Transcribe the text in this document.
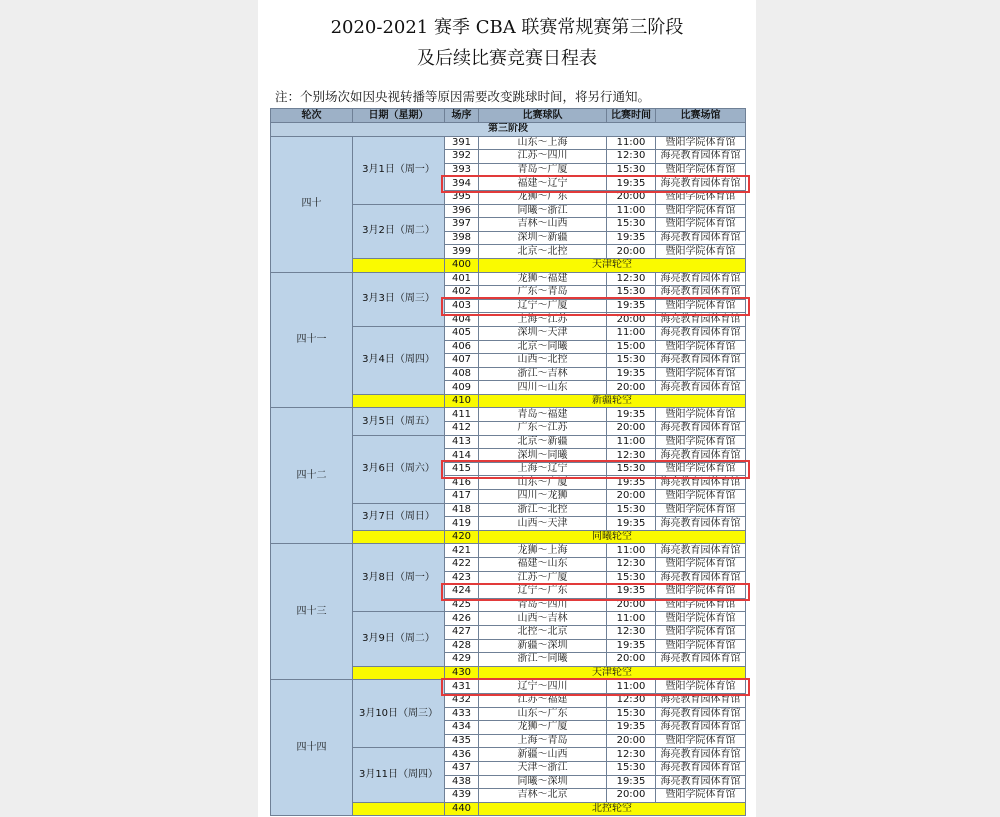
2020-2021 赛季 CBA 联赛常规赛第三阶段
及后续比赛竞赛日程表
注：个别场次如因央视转播等原因需要改变跳球时间，将另行通知。
轮次	日期（星期）	场序	比赛球队	比赛时间	比赛场馆
第三阶段					
四十	3月1日（周一）	391	山东～上海	11:00	暨阳学院体育馆
		392	江苏～四川	12:30	海亮教育园体育馆
		393	青岛～广厦	15:30	暨阳学院体育馆
		394	福建～辽宁	19:35	海亮教育园体育馆
		395	龙狮～广东	20:00	暨阳学院体育馆
	3月2日（周二）	396	同曦～浙江	11:00	暨阳学院体育馆
		397	吉林～山西	15:30	暨阳学院体育馆
		398	深圳～新疆	19:35	海亮教育园体育馆
		399	北京～北控	20:00	暨阳学院体育馆
		400	天津轮空		
四十一	3月3日（周三）	401	龙狮～福建	12:30	海亮教育园体育馆
		402	广东～青岛	15:30	海亮教育园体育馆
		403	辽宁～广厦	19:35	暨阳学院体育馆
		404	上海～江苏	20:00	海亮教育园体育馆
	3月4日（周四）	405	深圳～天津	11:00	海亮教育园体育馆
		406	北京～同曦	15:00	暨阳学院体育馆
		407	山西～北控	15:30	海亮教育园体育馆
		408	浙江～吉林	19:35	暨阳学院体育馆
		409	四川～山东	20:00	海亮教育园体育馆
		410	新疆轮空		
四十二	3月5日（周五）	411	青岛～福建	19:35	暨阳学院体育馆
		412	广东～江苏	20:00	海亮教育园体育馆
	3月6日（周六）	413	北京～新疆	11:00	暨阳学院体育馆
		414	深圳～同曦	12:30	海亮教育园体育馆
		415	上海～辽宁	15:30	暨阳学院体育馆
		416	山东～广厦	19:35	海亮教育园体育馆
		417	四川～龙狮	20:00	暨阳学院体育馆
	3月7日（周日）	418	浙江～北控	15:30	暨阳学院体育馆
		419	山西～天津	19:35	海亮教育园体育馆
		420	同曦轮空		
四十三	3月8日（周一）	421	龙狮～上海	11:00	海亮教育园体育馆
		422	福建～山东	12:30	暨阳学院体育馆
		423	江苏～广厦	15:30	海亮教育园体育馆
		424	辽宁～广东	19:35	暨阳学院体育馆
		425	青岛～四川	20:00	暨阳学院体育馆
	3月9日（周二）	426	山西～吉林	11:00	暨阳学院体育馆
		427	北控～北京	12:30	暨阳学院体育馆
		428	新疆～深圳	19:35	暨阳学院体育馆
		429	浙江～同曦	20:00	海亮教育园体育馆
		430	天津轮空		
四十四	3月10日（周三）	431	辽宁～四川	11:00	暨阳学院体育馆
		432	江苏～福建	12:30	海亮教育园体育馆
		433	山东～广东	15:30	海亮教育园体育馆
		434	龙狮～广厦	19:35	海亮教育园体育馆
		435	上海～青岛	20:00	暨阳学院体育馆
	3月11日（周四）	436	新疆～山西	12:30	海亮教育园体育馆
		437	天津～浙江	15:30	海亮教育园体育馆
		438	同曦～深圳	19:35	海亮教育园体育馆
		439	吉林～北京	20:00	暨阳学院体育馆
		440	北控轮空		
